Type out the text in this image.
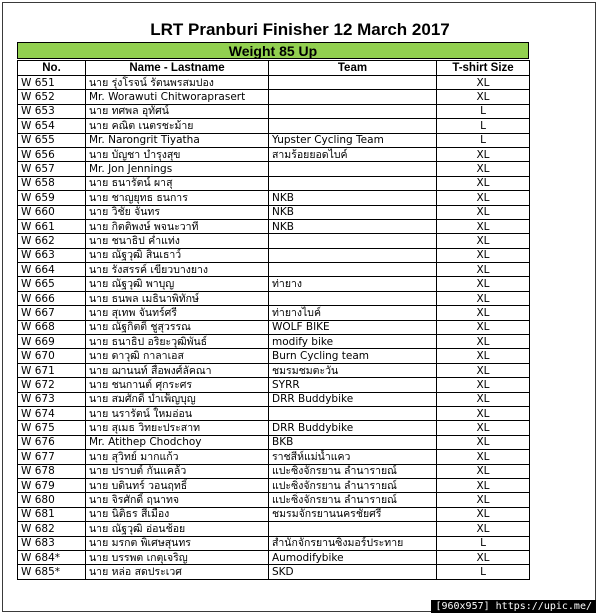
LRT Pranburi Finisher 12 March 2017
Weight 85 Up
No.	Name - Lastname	Team	T-shirt Size
W 651	นาย รุ่งโรจน์ รัตนพรสมปอง		XL
W 652	Mr. Worawuti Chitworaprasert		XL
W 653	นาย ทศพล อุทัศน์		L
W 654	นาย คณิต เนตรชะม้าย		L
W 655	Mr. Narongrit Tiyatha	Yupster Cycling Team	L
W 656	นาย บัญชา บำรุงสุข	สามร้อยยอดไบค์	XL
W 657	Mr. Jon Jennings		XL
W 658	นาย ธนารัตน์ ผาสุ		XL
W 659	นาย ชาญยุทธ ธนการ	NKB	XL
W 660	นาย วิชัย จันทร	NKB	XL
W 661	นาย กิตติพงษ์ พจนะวาที	NKB	XL
W 662	นาย ชนาธิป ค่ำแท่ง		XL
W 663	นาย ณัฐวุฒิ สินเธาว์		XL
W 664	นาย รังสรรค์ เขียวบางยาง		XL
W 665	นาย ณัฐวุฒิ พาบุญ	ท่ายาง	XL
W 666	นาย ธนพล เมธินาพิทักษ์		XL
W 667	นาย สุเทพ จันทร์ศรี	ท่ายางไบค์	XL
W 668	นาย ณัฐกิตติ์ ชูสุวรรณ	WOLF BIKE	XL
W 669	นาย ธนาธิป อริยะวุฒิพันธ์	modify bike	XL
W 670	นาย ดาวุฒิ กาลาเอส	Burn Cycling team	XL
W 671	นาย ฌานนท์ สื่อพงศ์ลัคณา	ชมรมชมตะวัน	XL
W 672	นาย ชนกานต์ ศุกระศร	SYRR	XL
W 673	นาย สมศักดิ์ บำเพ็ญบุญ	DRR Buddybike	XL
W 674	นาย นรารัตน์ ใหมอ่อน		XL
W 675	นาย สุเมธ วิทยะประสาท	DRR Buddybike	XL
W 676	Mr. Atithep Chodchoy	BKB	XL
W 677	นาย สุวิทย์ มากแก้ว	ราชสีห์แม่น้ำแคว	XL
W 678	นาย ปราบต์ กันแคล้ว	แปะซิ่งจักรยาน ลำนารายณ์	XL
W 679	นาย บดินทร์ วอนฤทธิ์	แปะซิ่งจักรยาน ลำนารายณ์	XL
W 680	นาย จิรศักดิ์ ฤนาทจ	แปะซิ่งจักรยาน ลำนารายณ์	XL
W 681	นาย นิติธร สีเมือง	ชมรมจักรยานนครชัยศรี	XL
W 682	นาย ณัฐวุฒิ อ่อนช้อย		XL
W 683	นาย มรกต พิเศษสุนทร	สำนักจักรยานซิงมอร์ประทาย	L
W 684*	นาย บรรพต เกตุเจริญ	Aumodifybike	XL
W 685*	นาย หล่อ สดประเวศ	SKD	L
[960x957] https://upic.me/
